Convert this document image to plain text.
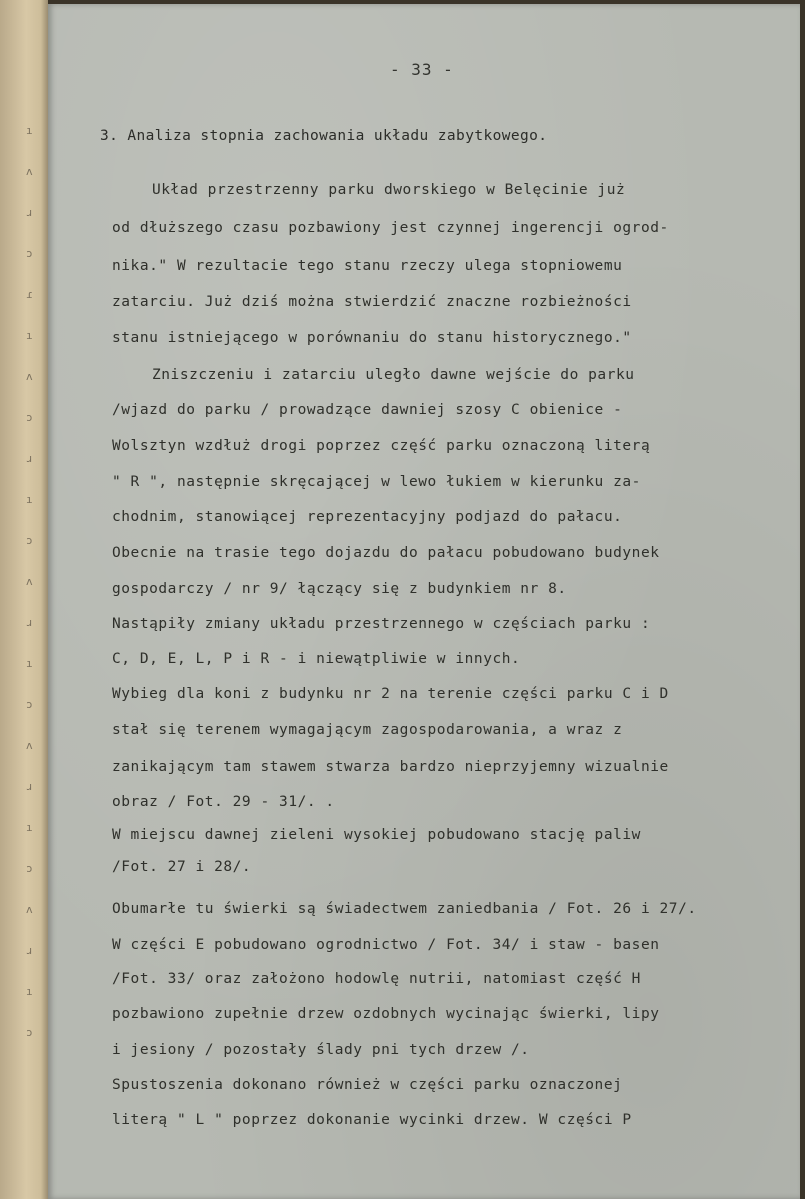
ı
ʌ
ɹ
ɔ
ɾ
ı
ʌ
ɔ
ɹ
ı
ɔ
ʌ
ɹ
ı
ɔ
ʌ
ɹ
ı
ɔ
ʌ
ɹ
ı
ɔ
- 33 -
3. Analiza stopnia zachowania układu zabytkowego.
Układ przestrzenny parku dworskiego w Belęcinie już
od dłuższego czasu pozbawiony jest czynnej ingerencji ogrod-
nika." W rezultacie tego stanu rzeczy ulega stopniowemu
zatarciu. Już dziś można stwierdzić znaczne rozbieżności
stanu istniejącego w porównaniu do stanu historycznego."
Zniszczeniu i zatarciu uległo dawne wejście do parku
/wjazd do parku / prowadzące dawniej szosy C obienice -
Wolsztyn wzdłuż drogi poprzez część parku oznaczoną literą
" R ", następnie skręcającej w lewo łukiem w kierunku za-
chodnim, stanowiącej reprezentacyjny podjazd do pałacu.
Obecnie na trasie tego dojazdu do pałacu pobudowano budynek
gospodarczy / nr 9/ łączący się z budynkiem nr 8.
Nastąpiły zmiany układu przestrzennego w częściach parku :
C, D, E, L, P i R - i niewątpliwie w innych.
Wybieg dla koni z budynku nr 2 na terenie części parku C i D
stał się terenem wymagającym zagospodarowania, a wraz z
zanikającym tam stawem stwarza bardzo nieprzyjemny wizualnie
obraz / Fot. 29 - 31/. .
W miejscu dawnej zieleni wysokiej pobudowano stację paliw
/Fot. 27 i 28/.
Obumarłe tu świerki są świadectwem zaniedbania / Fot. 26 i 27/.
W części E pobudowano ogrodnictwo / Fot. 34/ i staw - basen
/Fot. 33/ oraz założono hodowlę nutrii, natomiast część H
pozbawiono zupełnie drzew ozdobnych wycinając świerki, lipy
i jesiony / pozostały ślady pni tych drzew /.
Spustoszenia dokonano również w części parku oznaczonej
literą " L " poprzez dokonanie wycinki drzew. W części P
